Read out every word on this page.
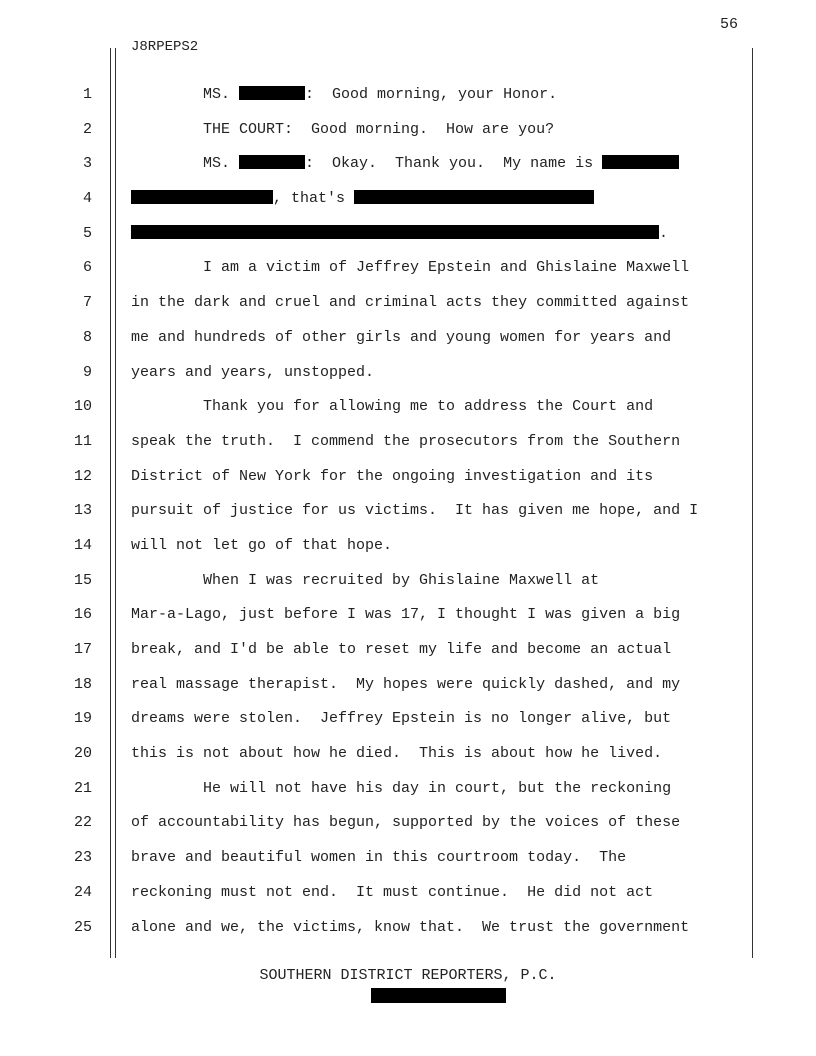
56
J8RPEPS2
1
2
3
4
5
6
7
8
9
10
11
12
13
14
15
16
17
18
19
20
21
22
23
24
25
MS.	:  Good morning, your Honor.
THE COURT:  Good morning.  How are you?
MS.	:  Okay.  Thank you.  My name is
, that's
.
I am a victim of Jeffrey Epstein and Ghislaine Maxwell
in the dark and cruel and criminal acts they committed against
me and hundreds of other girls and young women for years and
years and years, unstopped.
Thank you for allowing me to address the Court and
speak the truth.  I commend the prosecutors from the Southern
District of New York for the ongoing investigation and its
pursuit of justice for us victims.  It has given me hope, and I
will not let go of that hope.
When I was recruited by Ghislaine Maxwell at
Mar-a-Lago, just before I was 17, I thought I was given a big
break, and I'd be able to reset my life and become an actual
real massage therapist.  My hopes were quickly dashed, and my
dreams were stolen.  Jeffrey Epstein is no longer alive, but
this is not about how he died.  This is about how he lived.
He will not have his day in court, but the reckoning
of accountability has begun, supported by the voices of these
brave and beautiful women in this courtroom today.  The
reckoning must not end.  It must continue.  He did not act
alone and we, the victims, know that.  We trust the government
SOUTHERN DISTRICT REPORTERS, P.C.
